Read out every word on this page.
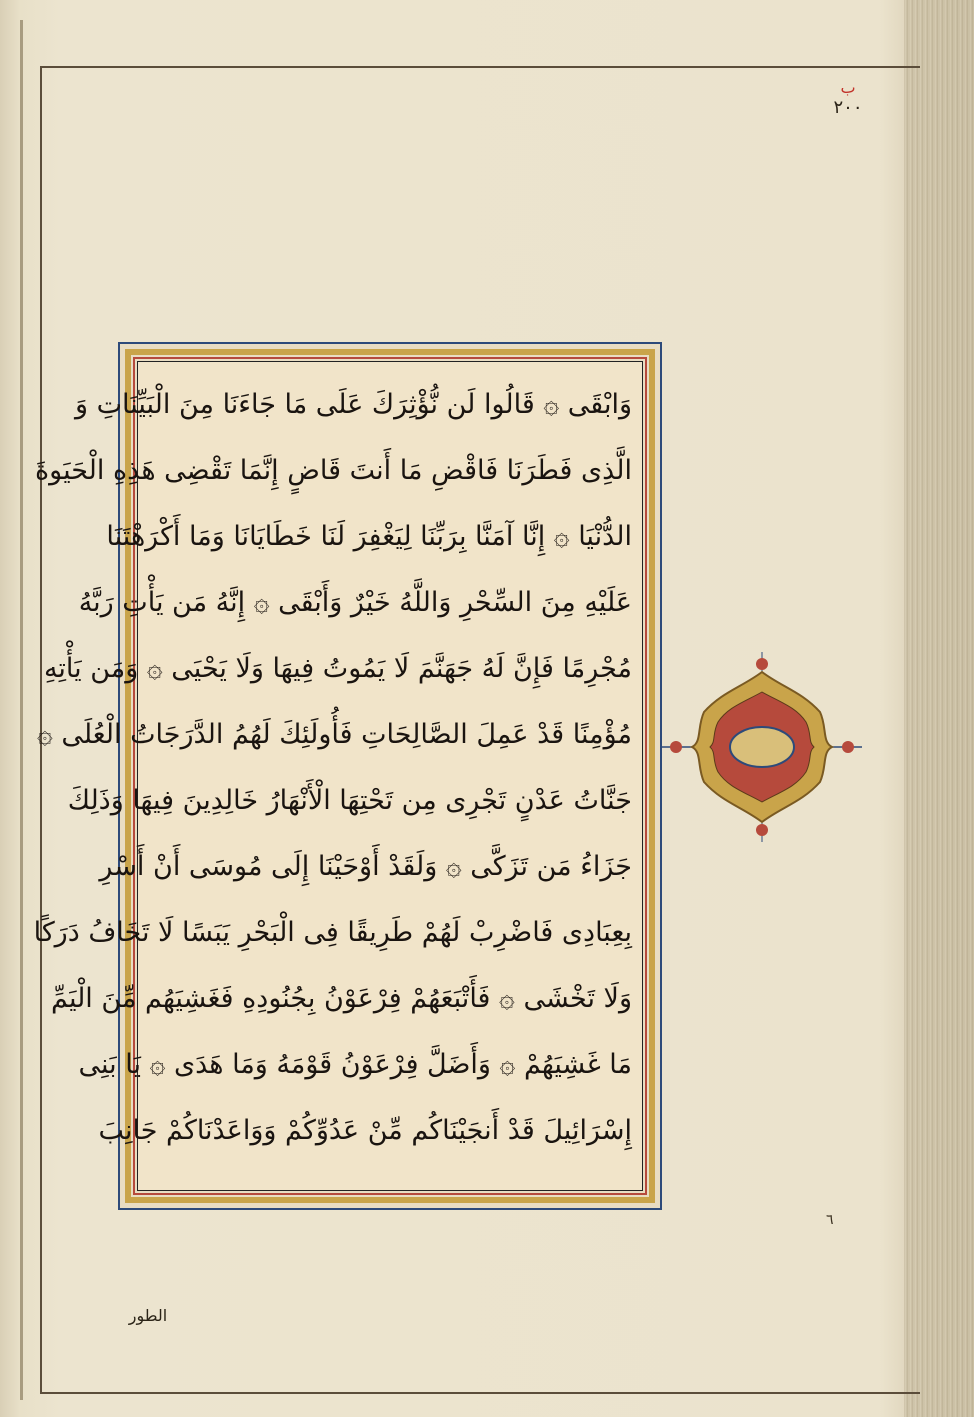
ب
٢٠٠
وَابْقَی ۞ قَالُوا لَن نُّؤْثِرَكَ عَلَی مَا جَاءَنَا مِنَ الْبَيِّنَاتِ وَ
الَّذِی فَطَرَنَا فَاقْضِ مَا أَنتَ قَاضٍ إِنَّمَا تَقْضِی هَذِهِ الْحَيَوةَ
الدُّنْيَا ۞ إِنَّا آمَنَّا بِرَبِّنَا لِيَغْفِرَ لَنَا خَطَايَانَا وَمَا أَكْرَهْتَنَا
عَلَيْهِ مِنَ السِّحْرِ وَاللَّهُ خَيْرٌ وَأَبْقَی ۞ إِنَّهُ مَن يَأْتِ رَبَّهُ
مُجْرِمًا فَإِنَّ لَهُ جَهَنَّمَ لَا يَمُوتُ فِيهَا وَلَا يَحْيَی ۞ وَمَن يَأْتِهِ
مُؤْمِنًا قَدْ عَمِلَ الصَّالِحَاتِ فَأُولَئِكَ لَهُمُ الدَّرَجَاتُ الْعُلَی ۞
جَنَّاتُ عَدْنٍ تَجْرِی مِن تَحْتِهَا الْأَنْهَارُ خَالِدِينَ فِيهَا وَذَلِكَ
جَزَاءُ مَن تَزَكَّی ۞ وَلَقَدْ أَوْحَيْنَا إِلَی مُوسَی أَنْ أَسْرِ
بِعِبَادِی فَاضْرِبْ لَهُمْ طَرِيقًا فِی الْبَحْرِ يَبَسًا لَا تَخَافُ دَرَكًا
وَلَا تَخْشَی ۞ فَأَتْبَعَهُمْ فِرْعَوْنُ بِجُنُودِهِ فَغَشِيَهُم مِّنَ الْيَمِّ
مَا غَشِيَهُمْ ۞ وَأَضَلَّ فِرْعَوْنُ قَوْمَهُ وَمَا هَدَی ۞ يَا بَنِی
إِسْرَائِيلَ قَدْ أَنجَيْنَاكُم مِّنْ عَدُوِّكُمْ وَوَاعَدْنَاكُمْ جَانِبَ
٦
الطور
